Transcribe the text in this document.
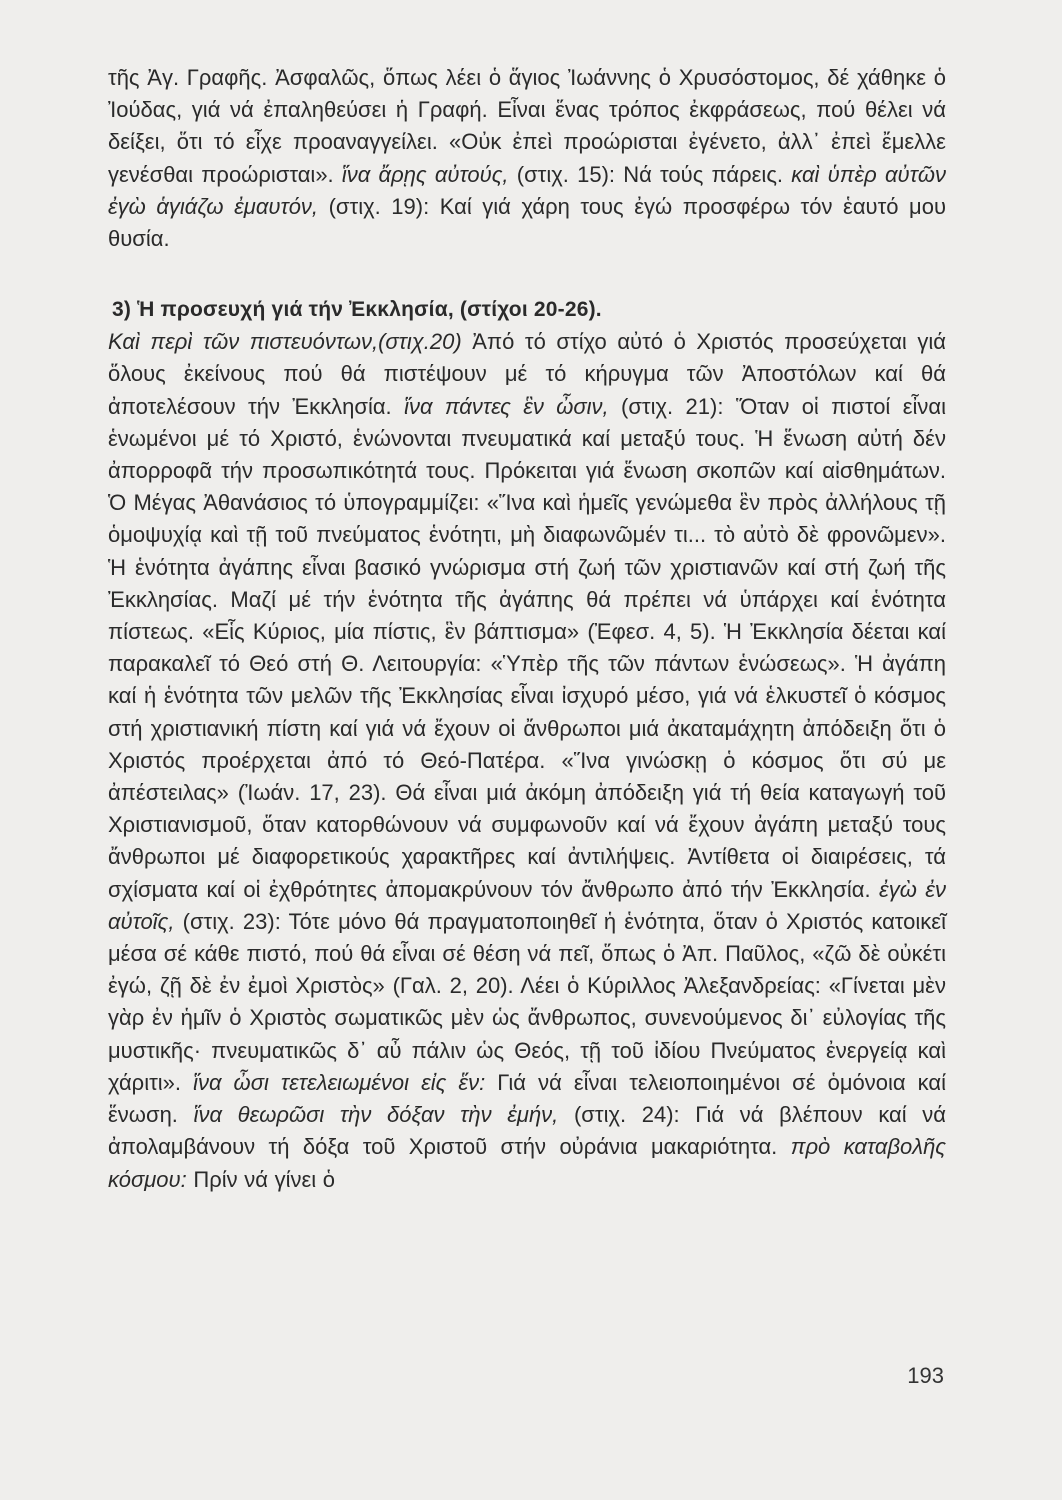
τῆς Ἀγ. Γραφῆς. Ἀσφαλῶς, ὅπως λέει ὁ ἅγιος Ἰωάννης ὁ Χρυσόστομος, δέ χάθηκε ὁ Ἰούδας, γιά νά ἐπαληθεύσει ἡ Γραφή. Εἶναι ἕνας τρόπος ἐκφράσεως, πού θέλει νά δείξει, ὅτι τό εἶχε προαναγγείλει. «Οὐκ ἐπεὶ προώρισται ἐγένετο, ἀλλ᾽ ἐπεὶ ἔμελλε γενέσθαι προώρισται». ἵνα ἄρῃς αὐτούς, (στιχ. 15): Νά τούς πάρεις. καὶ ὑπὲρ αὐτῶν ἐγὼ ἁγιάζω ἐμαυτόν, (στιχ. 19): Καί γιά χάρη τους ἐγώ προσφέρω τόν ἑαυτό μου θυσία.

3) Ἡ προσευχή γιά τήν Ἐκκλησία, (στίχοι 20-26).

Καὶ περὶ τῶν πιστευόντων,(στιχ.20) Ἀπό τό στίχο αὐτό ὁ Χριστός προσεύχεται γιά ὅλους ἐκείνους πού θά πιστέψουν μέ τό κήρυγμα τῶν Ἀποστόλων καί θά ἀποτελέσουν τήν Ἐκκλησία. ἵνα πάντες ἓν ὦσιν, (στιχ. 21): Ὅταν οἱ πιστοί εἶναι ἑνωμένοι μέ τό Χριστό, ἑνώνονται πνευματικά καί μεταξύ τους. Ἡ ἕνωση αὐτή δέν ἀπορροφᾶ τήν προσωπικότητά τους. Πρόκειται γιά ἕνωση σκοπῶν καί αἰσθημάτων. Ὁ Μέγας Ἀθανάσιος τό ὑπογραμμίζει: «Ἵνα καὶ ἡμεῖς γενώμεθα ἓν πρὸς ἀλλήλους τῇ ὁμοψυχίᾳ καὶ τῇ τοῦ πνεύματος ἑνότητι, μὴ διαφωνῶμέν τι... τὸ αὐτὸ δὲ φρονῶμεν». Ἡ ἑνότητα ἀγάπης εἶναι βασικό γνώρισμα στή ζωή τῶν χριστιανῶν καί στή ζωή τῆς Ἐκκλησίας. Μαζί μέ τήν ἑνότητα τῆς ἀγάπης θά πρέπει νά ὑπάρχει καί ἑνότητα πίστεως. «Εἷς Κύριος, μία πίστις, ἓν βάπτισμα» (Ἐφεσ. 4, 5). Ἡ Ἐκκλησία δέεται καί παρακαλεῖ τό Θεό στή Θ. Λειτουργία: «Ὑπὲρ τῆς τῶν πάντων ἑνώσεως». Ἡ ἀγάπη καί ἡ ἑνότητα τῶν μελῶν τῆς Ἐκκλησίας εἶναι ἰσχυρό μέσο, γιά νά ἑλκυστεῖ ὁ κόσμος στή χριστιανική πίστη καί γιά νά ἔχουν οἱ ἄνθρωποι μιά ἀκαταμάχητη ἀπόδειξη ὅτι ὁ Χριστός προέρχεται ἀπό τό Θεό-Πατέρα. «Ἵνα γινώσκῃ ὁ κόσμος ὅτι σύ με ἀπέστειλας» (Ἰωάν. 17, 23). Θά εἶναι μιά ἀκόμη ἀπόδειξη γιά τή θεία καταγωγή τοῦ Χριστιανισμοῦ, ὅταν κατορθώνουν νά συμφωνοῦν καί νά ἔχουν ἀγάπη μεταξύ τους ἄνθρωποι μέ διαφορετικούς χαρακτῆρες καί ἀντιλήψεις. Ἀντίθετα οἱ διαιρέσεις, τά σχίσματα καί οἱ ἐχθρότητες ἀπομακρύνουν τόν ἄνθρωπο ἀπό τήν Ἐκκλησία. ἐγὼ ἐν αὐτοῖς, (στιχ. 23): Τότε μόνο θά πραγματοποιηθεῖ ἡ ἑνότητα, ὅταν ὁ Χριστός κατοικεῖ μέσα σέ κάθε πιστό, πού θά εἶναι σέ θέση νά πεῖ, ὅπως ὁ Ἀπ. Παῦλος, «ζῶ δὲ οὐκέτι ἐγώ, ζῇ δὲ ἐν ἐμοὶ Χριστὸς» (Γαλ. 2, 20). Λέει ὁ Κύριλλος Ἀλεξανδρείας: «Γίνεται μὲν γὰρ ἐν ἡμῖν ὁ Χριστὸς σωματικῶς μὲν ὡς ἄνθρωπος, συνενούμενος δι᾽ εὐλογίας τῆς μυστικῆς· πνευματικῶς δ᾽ αὖ πάλιν ὡς Θεός, τῇ τοῦ ἰδίου Πνεύματος ἐνεργείᾳ καὶ χάριτι». ἵνα ὦσι τετελειωμένοι εἰς ἕν: Γιά νά εἶναι τελειοποιημένοι σέ ὁμόνοια καί ἕνωση. ἵνα θεωρῶσι τὴν δόξαν τὴν ἐμήν, (στιχ. 24): Γιά νά βλέπουν καί νά ἀπολαμβάνουν τή δόξα τοῦ Χριστοῦ στήν οὐράνια μακαριότητα. πρὸ καταβολῆς κόσμου: Πρίν νά γίνει ὁ

193
